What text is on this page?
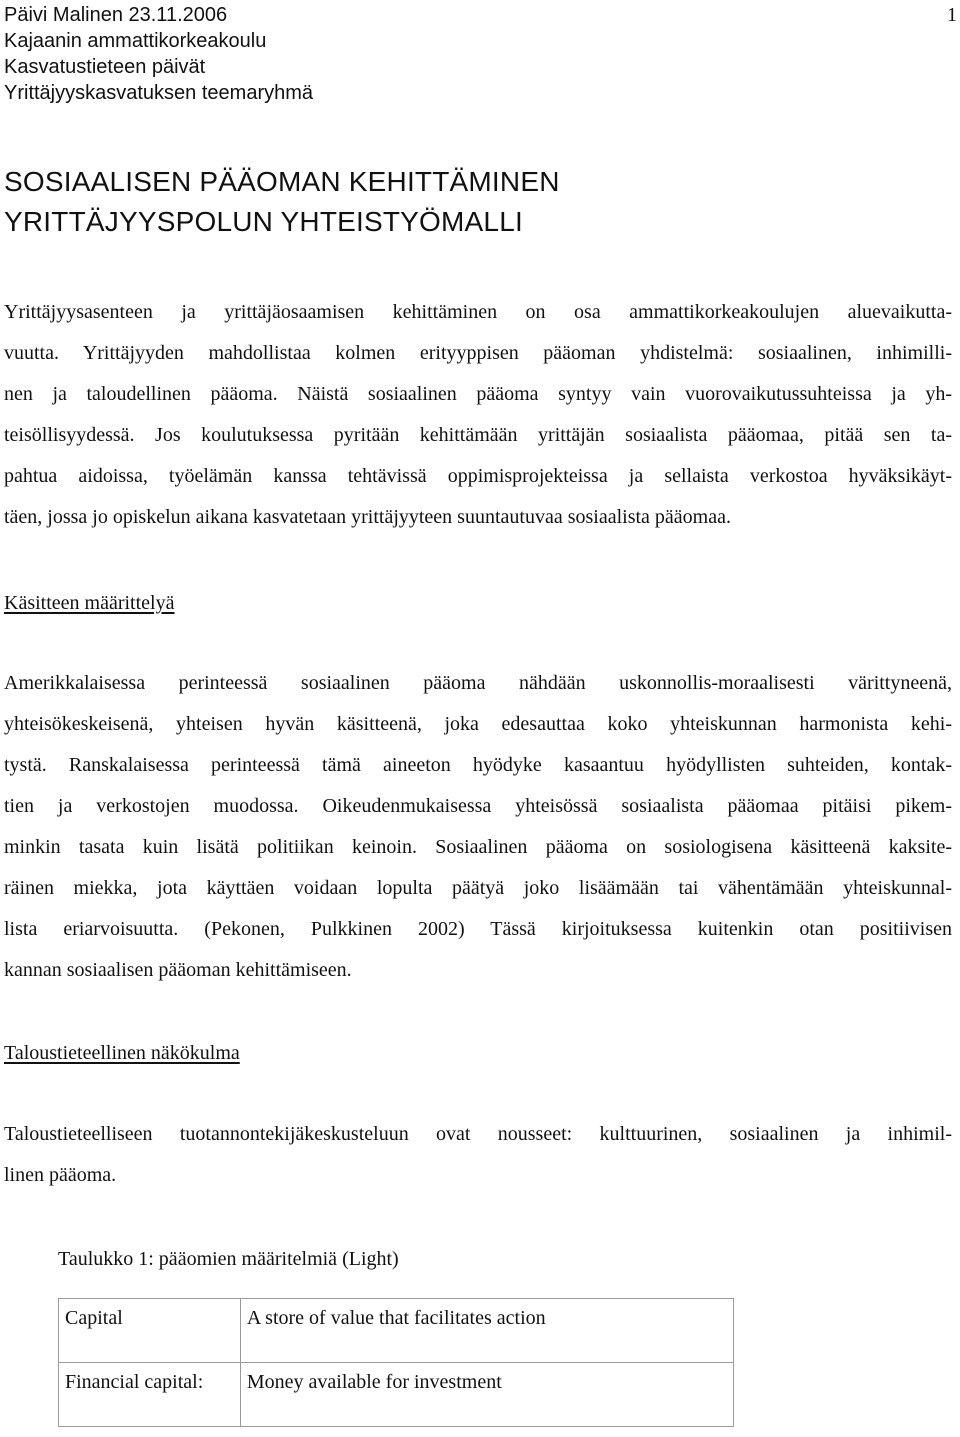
Päivi Malinen 23.11.2006
Kajaanin ammattikorkeakoulu
Kasvatustieteen päivät
Yrittäjyyskasvatuksen teemaryhmä
1
SOSIAALISEN PÄÄOMAN KEHITTÄMINEN
YRITTÄJYYSPOLUN YHTEISTYÖMALLI
Yrittäjyysasenteen ja yrittäjäosaamisen kehittäminen on osa ammattikorkeakoulujen aluevaikutta-
vuutta. Yrittäjyyden mahdollistaa kolmen erityyppisen pääoman yhdistelmä: sosiaalinen, inhimilli-
nen ja taloudellinen pääoma. Näistä sosiaalinen pääoma syntyy vain vuorovaikutussuhteissa ja yh-
teisöllisyydessä. Jos koulutuksessa pyritään kehittämään yrittäjän sosiaalista pääomaa, pitää sen ta-
pahtua aidoissa, työelämän kanssa tehtävissä oppimisprojekteissa ja sellaista verkostoa hyväksikäyt-
täen, jossa jo opiskelun aikana kasvatetaan yrittäjyyteen suuntautuvaa sosiaalista pääomaa.
Käsitteen määrittelyä
Amerikkalaisessa perinteessä sosiaalinen pääoma nähdään uskonnollis-moraalisesti värittyneenä,
yhteisökeskeisenä, yhteisen hyvän käsitteenä, joka edesauttaa koko yhteiskunnan harmonista kehi-
tystä. Ranskalaisessa perinteessä tämä aineeton hyödyke kasaantuu hyödyllisten suhteiden, kontak-
tien ja verkostojen muodossa. Oikeudenmukaisessa yhteisössä sosiaalista pääomaa pitäisi pikem-
minkin tasata kuin lisätä politiikan keinoin. Sosiaalinen pääoma on sosiologisena käsitteenä kaksite-
räinen miekka, jota käyttäen voidaan lopulta päätyä joko lisäämään tai vähentämään yhteiskunnal-
lista eriarvoisuutta. (Pekonen, Pulkkinen 2002) Tässä kirjoituksessa kuitenkin otan positiivisen
kannan sosiaalisen pääoman kehittämiseen.
Taloustieteellinen näkökulma
Taloustieteelliseen tuotannontekijäkeskusteluun ovat nousseet: kulttuurinen, sosiaalinen ja inhimil-
linen pääoma.
Taulukko 1: pääomien määritelmiä (Light)
Capital	A store of value that facilitates action
Financial capital:	Money available for investment
